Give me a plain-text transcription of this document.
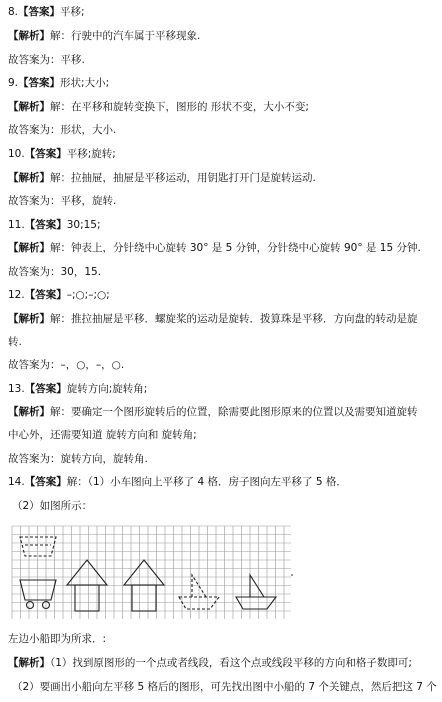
8.【答案】平移;
【解析】解：行驶中的汽车属于平移现象.
故答案为：平移.
9.【答案】形状;大小;
【解析】解：在平移和旋转变换下，图形的 形状不变，大小不变;
故答案为：形状，大小.
10.【答案】平移;旋转;
【解析】解：拉抽屉，抽屉是平移运动，用钥匙打开门是旋转运动.
故答案为：平移，旋转.
11.【答案】30;15;
【解析】解：钟表上，分针绕中心旋转 30° 是 5 分钟，分针绕中心旋转 90° 是 15 分钟.
故答案为：30，15.
12.【答案】–;○;–;○;
【解析】解：推拉抽屉是平移．螺旋桨的运动是旋转．拨算珠是平移．方向盘的转动是旋
转.
故答案为：–，○，–，○.
13.【答案】旋转方向;旋转角;
【解析】解：要确定一个图形旋转后的位置，除需要此图形原来的位置以及需要知道旋转
中心外，还需要知道 旋转方向和 旋转角;
故答案为：旋转方向，旋转角.
14.【答案】解：（1）小车图向上平移了 4 格．房子图向左平移了 5 格．
（2）如图所示：
左边小船即为所求．:
【解析】（1）找到原图形的一个点或者线段，看这个点或线段平移的方向和格子数即可;
（2）要画出小船向左平移 5 格后的图形，可先找出图中小船的 7 个关键点，然后把这 7 个
